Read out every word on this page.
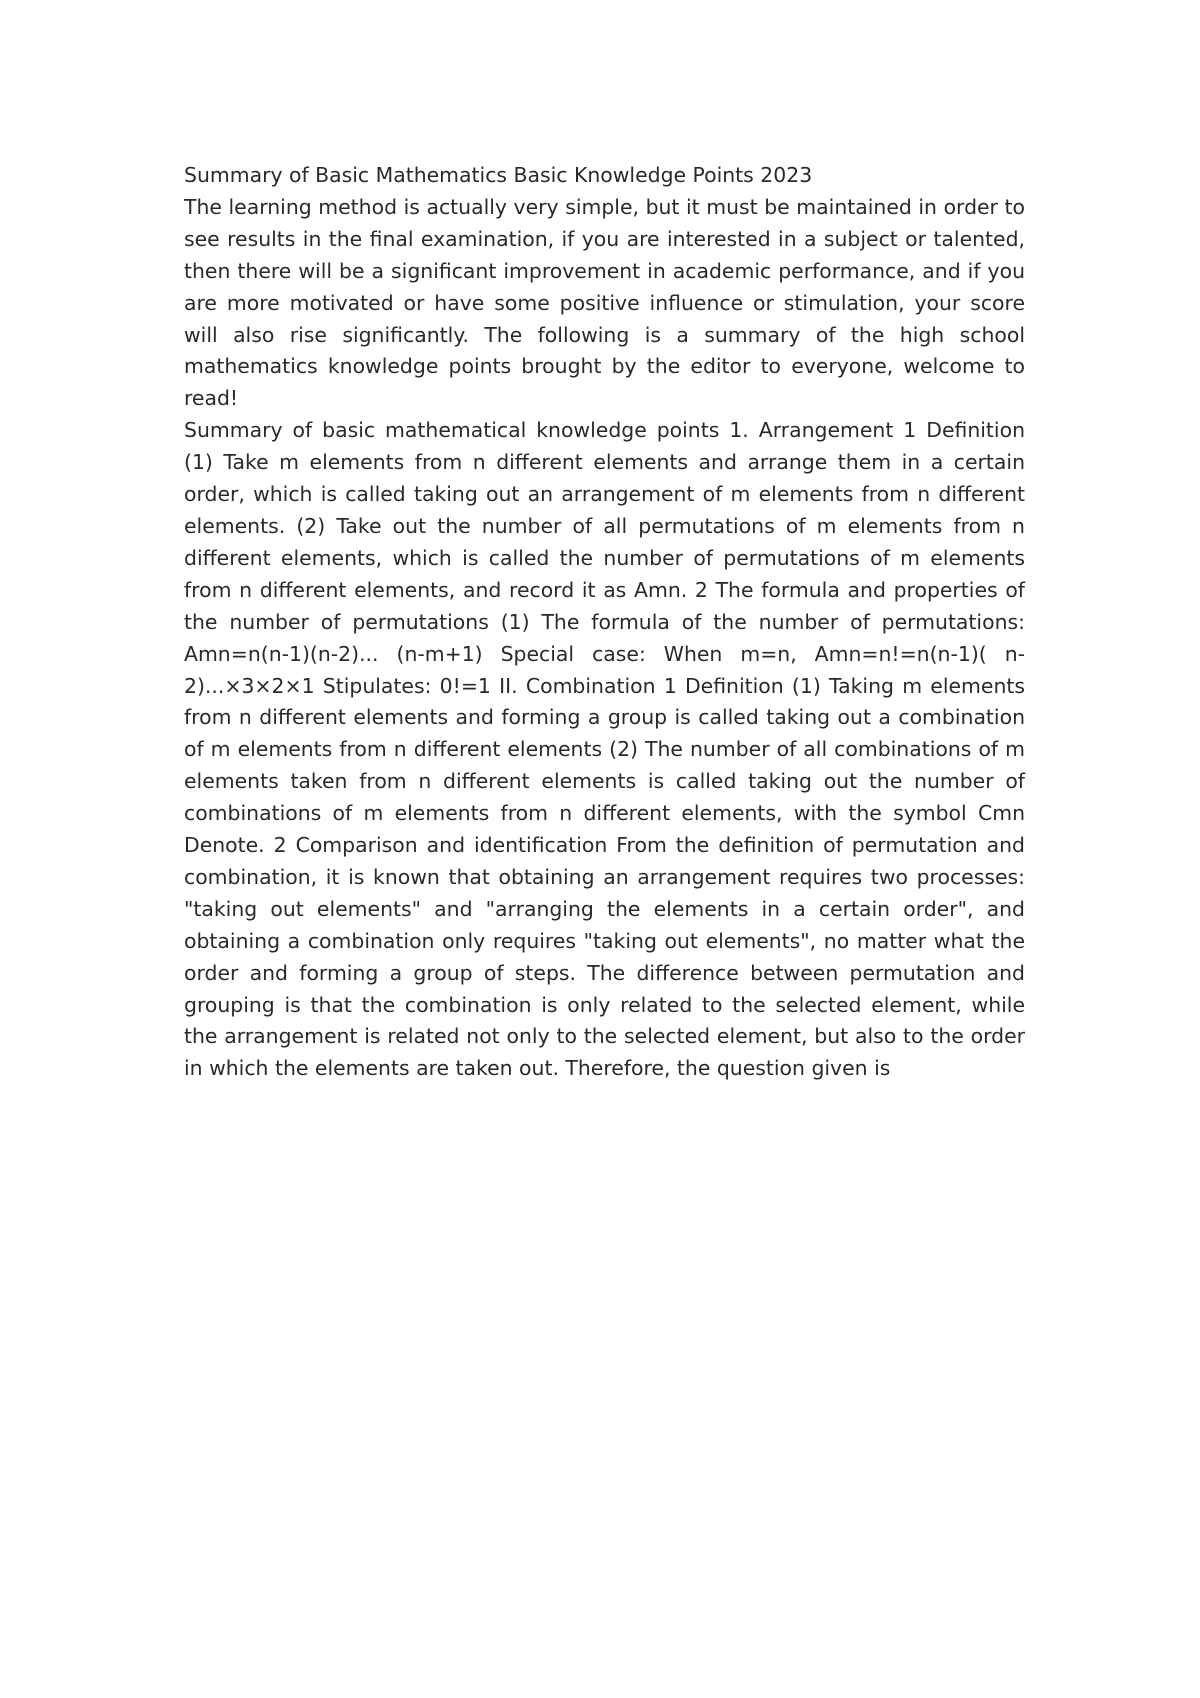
Summary of Basic Mathematics Basic Knowledge Points 2023

The learning method is actually very simple, but it must be maintained in order to see results in the final examination, if you are interested in a subject or talented, then there will be a significant improvement in academic performance, and if you are more motivated or have some positive influence or stimulation, your score will also rise significantly. The following is a summary of the high school mathematics knowledge points brought by the editor to everyone, welcome to read!

Summary of basic mathematical knowledge points 1. Arrangement 1 Definition (1) Take m elements from n different elements and arrange them in a certain order, which is called taking out an arrangement of m elements from n different elements. (2) Take out the number of all permutations of m elements from n different elements, which is called the number of permutations of m elements from n different elements, and record it as Amn. 2 The formula and properties of the number of permutations (1) The formula of the number of permutations: Amn=n(n-1)(n-2)... (n-m+1) Special case: When m=n, Amn=n!=n(n-1)( n-2)...×3×2×1 Stipulates: 0!=1 II. Combination 1 Definition (1) Taking m elements from n different elements and forming a group is called taking out a combination of m elements from n different elements (2) The number of all combinations of m elements taken from n different elements is called taking out the number of combinations of m elements from n different elements, with the symbol Cmn Denote. 2 Comparison and identification From the definition of permutation and combination, it is known that obtaining an arrangement requires two processes: "taking out elements" and "arranging the elements in a certain order", and obtaining a combination only requires "taking out elements", no matter what the order and forming a group of steps. The difference between permutation and grouping is that the combination is only related to the selected element, while the arrangement is related not only to the selected element, but also to the order in which the elements are taken out. Therefore, the question given is
